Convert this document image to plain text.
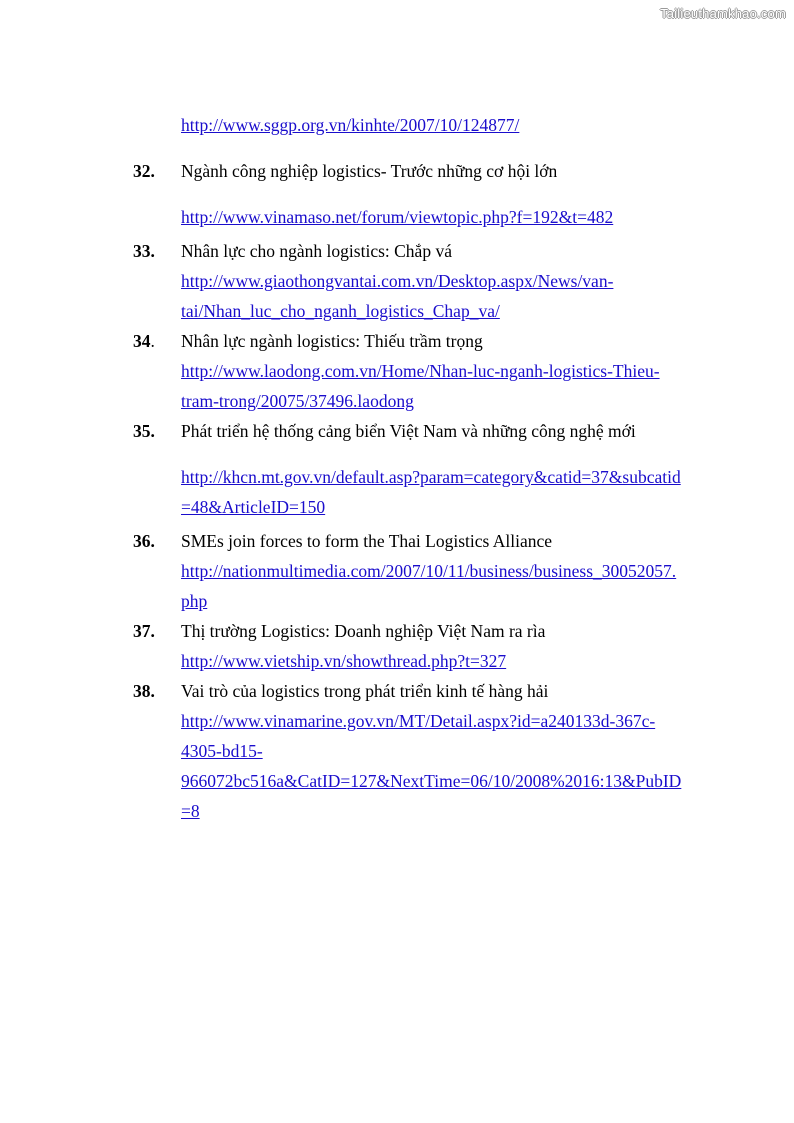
Tailieuthamkhao.com
http://www.sggp.org.vn/kinhte/2007/10/124877/
32. Ngành công nghiệp logistics- Trước những cơ hội lớn
http://www.vinamaso.net/forum/viewtopic.php?f=192&t=482
33. Nhân lực cho ngành logistics: Chắp vá
http://www.giaothongvantai.com.vn/Desktop.aspx/News/van-
tai/Nhan_luc_cho_nganh_logistics_Chap_va/
34. Nhân lực ngành logistics: Thiếu trầm trọng
http://www.laodong.com.vn/Home/Nhan-luc-nganh-logistics-Thieu-
tram-trong/20075/37496.laodong
35. Phát triển hệ thống cảng biển Việt Nam và những công nghệ mới
http://khcn.mt.gov.vn/default.asp?param=category&catid=37&subcatid
=48&ArticleID=150
36. SMEs join forces to form the Thai Logistics Alliance
http://nationmultimedia.com/2007/10/11/business/business_30052057.
php
37. Thị trường Logistics: Doanh nghiệp Việt Nam ra rìa
http://www.vietship.vn/showthread.php?t=327
38. Vai trò của logistics trong phát triển kinh tế hàng hải
http://www.vinamarine.gov.vn/MT/Detail.aspx?id=a240133d-367c-
4305-bd15-
966072bc516a&CatID=127&NextTime=06/10/2008%2016:13&PubID
=8
